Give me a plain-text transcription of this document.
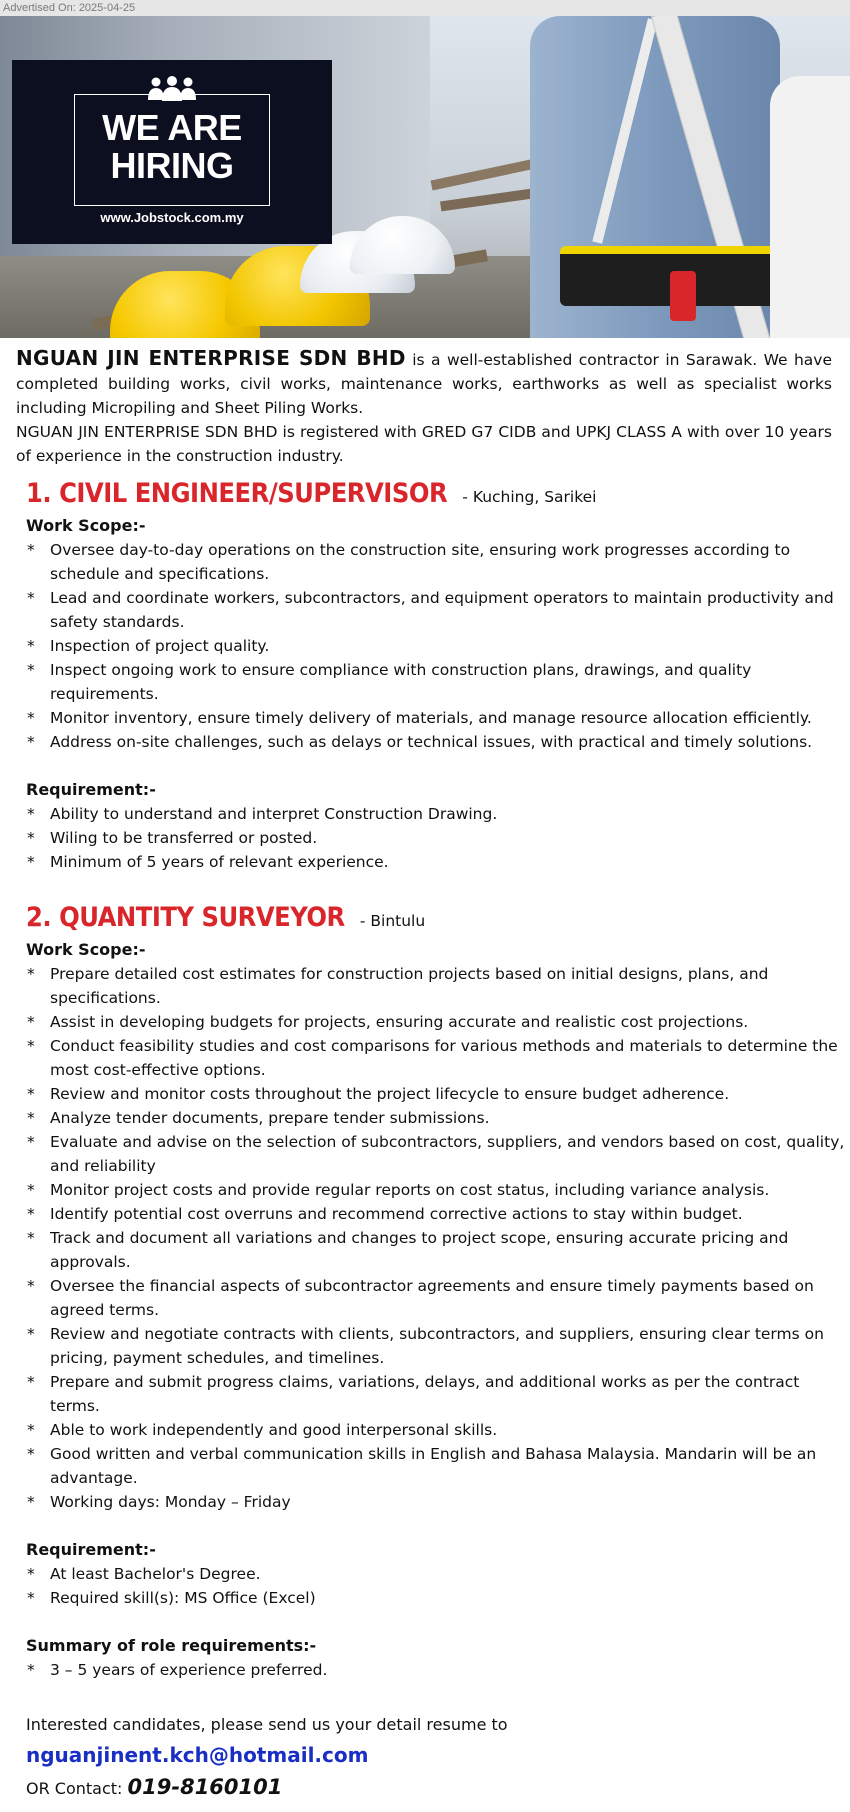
Advertised On: 2025-04-25
WE ARE
HIRING
www.Jobstock.com.my

NGUAN JIN ENTERPRISE SDN BHD is a well-established contractor in Sarawak. We have completed building works, civil works, maintenance works, earthworks as well as specialist works including Micropiling and Sheet Piling Works.

NGUAN JIN ENTERPRISE SDN BHD is registered with GRED G7 CIDB and UPKJ CLASS A with over 10 years of experience in the construction industry.

1. CIVIL ENGINEER/SUPERVISOR - Kuching, Sarikei
Work Scope:-
* Oversee day-to-day operations on the construction site, ensuring work progresses according to schedule and specifications.
* Lead and coordinate workers, subcontractors, and equipment operators to maintain productivity and safety standards.
* Inspection of project quality.
* Inspect ongoing work to ensure compliance with construction plans, drawings, and quality requirements.
* Monitor inventory, ensure timely delivery of materials, and manage resource allocation efficiently.
* Address on-site challenges, such as delays or technical issues, with practical and timely solutions.
Requirement:-
* Ability to understand and interpret Construction Drawing.
* Wiling to be transferred or posted.
* Minimum of 5 years of relevant experience.
2. QUANTITY SURVEYOR - Bintulu
Work Scope:-
* Prepare detailed cost estimates for construction projects based on initial designs, plans, and specifications.
* Assist in developing budgets for projects, ensuring accurate and realistic cost projections.
* Conduct feasibility studies and cost comparisons for various methods and materials to determine the most cost-effective options.
* Review and monitor costs throughout the project lifecycle to ensure budget adherence.
* Analyze tender documents, prepare tender submissions.
* Evaluate and advise on the selection of subcontractors, suppliers, and vendors based on cost, quality, and reliability
* Monitor project costs and provide regular reports on cost status, including variance analysis.
* Identify potential cost overruns and recommend corrective actions to stay within budget.
* Track and document all variations and changes to project scope, ensuring accurate pricing and approvals.
* Oversee the financial aspects of subcontractor agreements and ensure timely payments based on agreed terms.
* Review and negotiate contracts with clients, subcontractors, and suppliers, ensuring clear terms on pricing, payment schedules, and timelines.
* Prepare and submit progress claims, variations, delays, and additional works as per the contract terms.
* Able to work independently and good interpersonal skills.
* Good written and verbal communication skills in English and Bahasa Malaysia. Mandarin will be an advantage.
* Working days: Monday – Friday
Requirement:-
* At least Bachelor's Degree.
* Required skill(s): MS Office (Excel)
Summary of role requirements:-
* 3 – 5 years of experience preferred.
Interested candidates, please send us your detail resume to nguanjinent.kch@hotmail.com
OR Contact: 019-8160101
